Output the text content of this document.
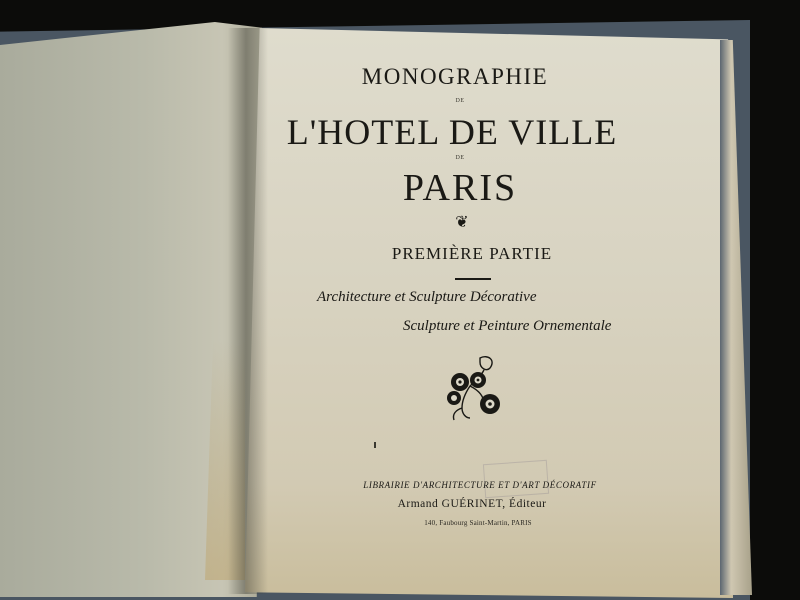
MONOGRAPHIE
DE
L'HOTEL DE VILLE
DE
PARIS
❦
PREMIÈRE PARTIE
Architecture et Sculpture Décorative
Sculpture et Peinture Ornementale
LIBRAIRIE D'ARCHITECTURE ET D'ART DÉCORATIF
Armand GUÉRINET, Éditeur
140, Faubourg Saint-Martin, PARIS
